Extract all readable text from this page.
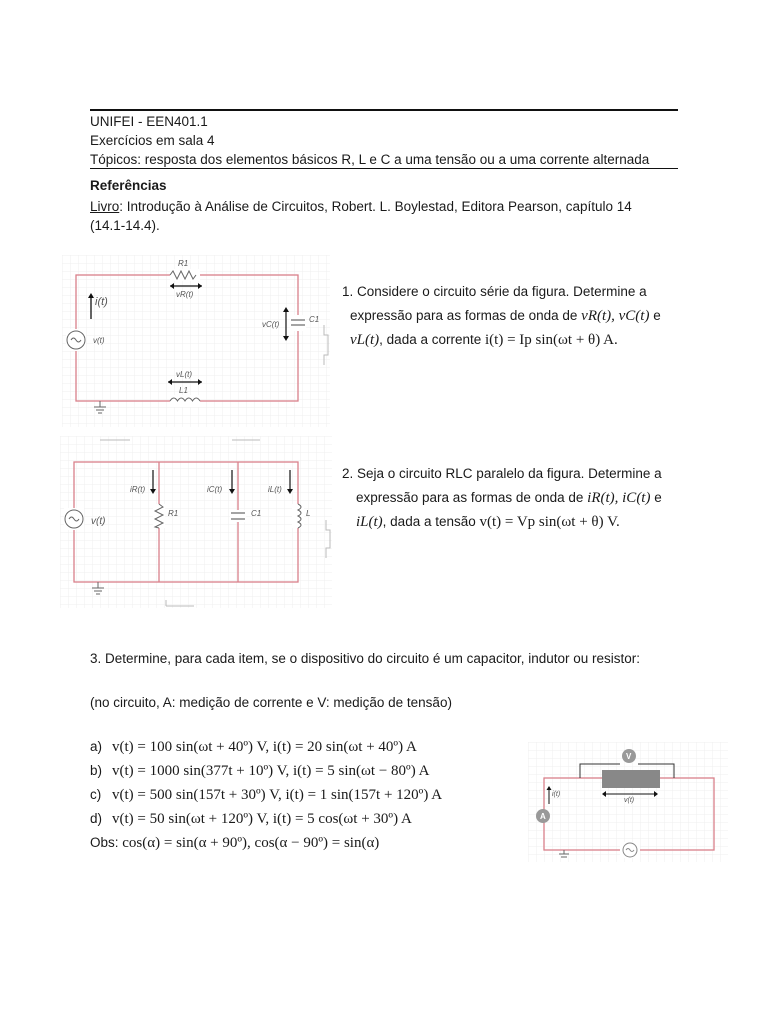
UNIFEI - EEN401.1
Exercícios em sala 4
Tópicos: resposta dos elementos básicos R, L e C a uma tensão ou a uma corrente alternada
Referências
Livro: Introdução à Análise de Circuitos, Robert. L. Boylestad, Editora Pearson, capítulo 14
(14.1-14.4).
R1
vR(t)
v(t)
i(t)
C1
vC(t)
L1
vL(t)
1. Considere o circuito série da figura. Determine a
expressão para as formas de onda de vR(t), vC(t) e
vL(t), dada a corrente i(t) = Ip sin(ωt + θ) A.
v(t)
R1
iR(t)
C1
iC(t)
L
iL(t)
2. Seja o circuito RLC paralelo da figura. Determine a
expressão para as formas de onda de iR(t), iC(t) e
iL(t), dada a tensão v(t) = Vp sin(ωt + θ) V.
3. Determine, para cada item, se o dispositivo do circuito é um capacitor, indutor ou resistor:
(no circuito, A: medição de corrente e V: medição de tensão)
a) v(t) = 100 sin(ωt + 40º) V, i(t) = 20 sin(ωt + 40º) A
b) v(t) = 1000 sin(377t + 10º) V, i(t) = 5 sin(ωt − 80º) A
c) v(t) = 500 sin(157t + 30º) V, i(t) = 1 sin(157t + 120º) A
d) v(t) = 50 sin(ωt + 120º) V, i(t) = 5 cos(ωt + 30º) A
Obs: cos(α) = sin(α + 90º), cos(α − 90º) = sin(α)
V
v(t)
i(t)
A
